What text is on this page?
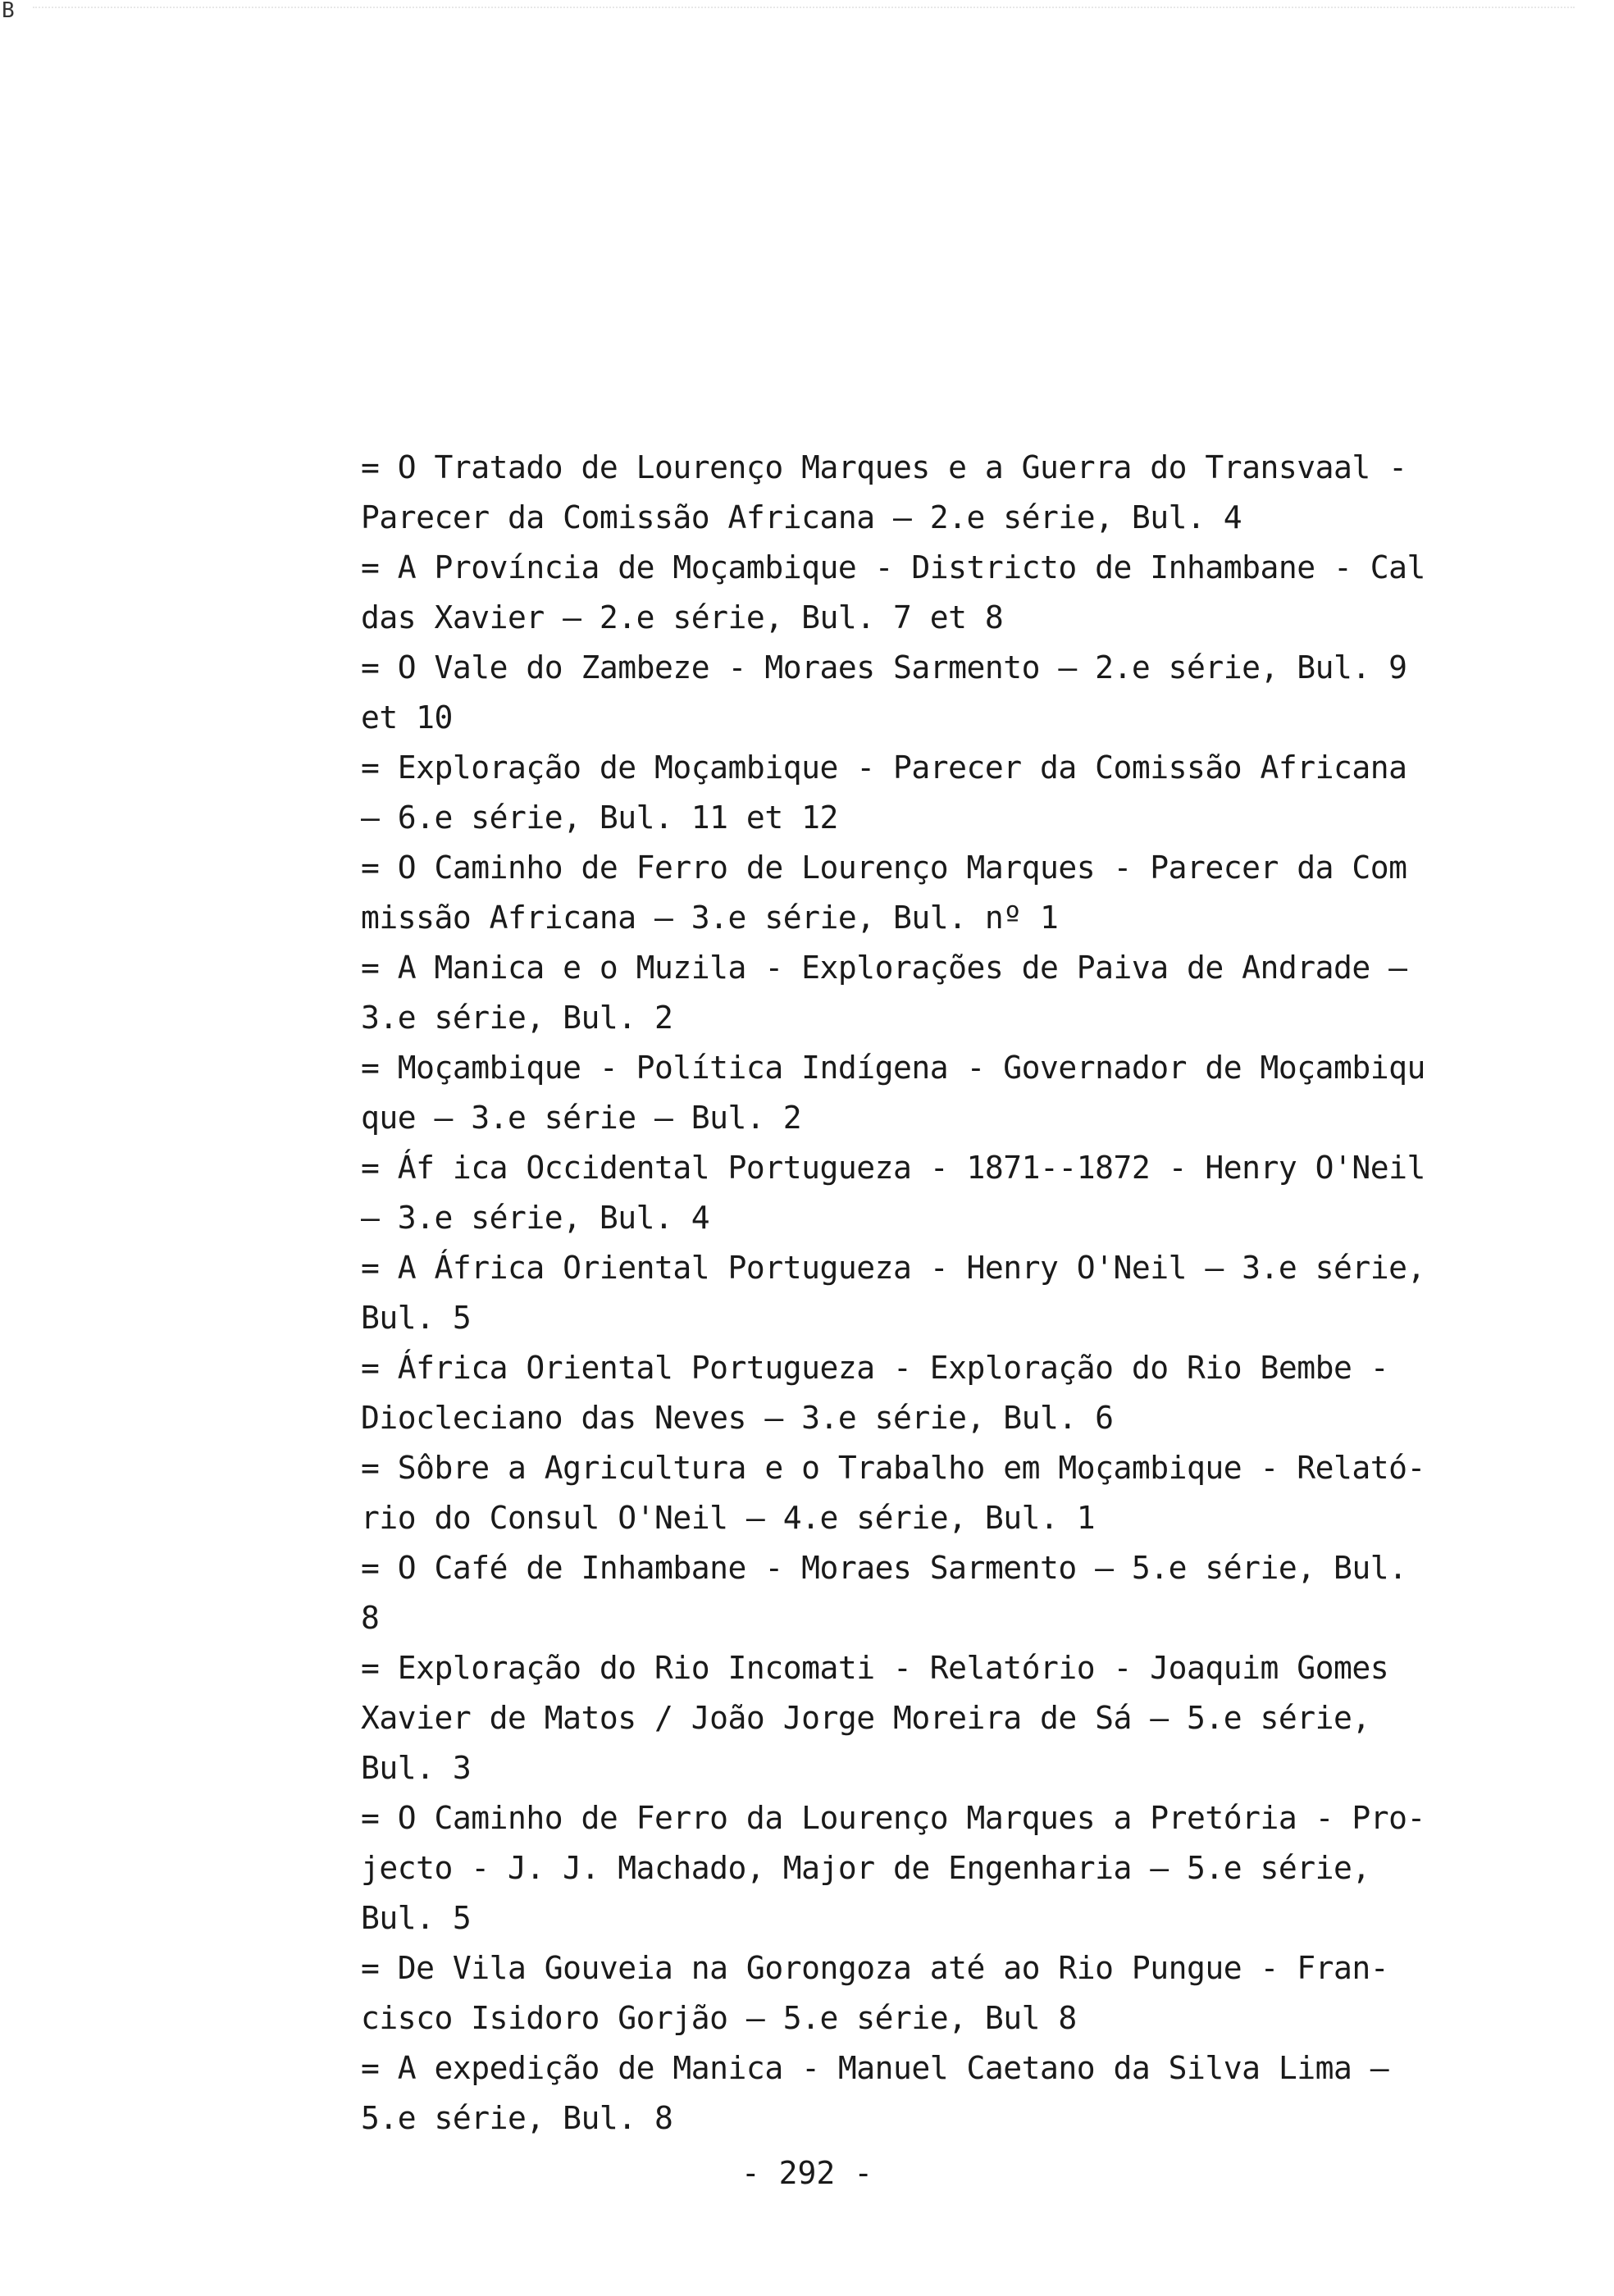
B
= O Tratado de Lourenço Marques e a Guerra do Transvaal -
Parecer da Comissão Africana — 2.e série, Bul. 4
= A Província de Moçambique - Districto de Inhambane - Cal
das Xavier — 2.e série, Bul. 7 et 8
= O Vale do Zambeze - Moraes Sarmento — 2.e série, Bul. 9
et 10
= Exploração de Moçambique - Parecer da Comissão Africana
— 6.e série, Bul. 11 et 12
= O Caminho de Ferro de Lourenço Marques - Parecer da Com
missão Africana — 3.e série, Bul. nº 1
= A Manica e o Muzila - Explorações de Paiva de Andrade —
3.e série, Bul. 2
= Moçambique - Política Indígena - Governador de Moçambiqu
que — 3.e série — Bul. 2
= Áf ica Occidental Portugueza - 1871--1872 - Henry O'Neil
— 3.e série, Bul. 4
= A África Oriental Portugueza - Henry O'Neil — 3.e série,
Bul. 5
= África Oriental Portugueza - Exploração do Rio Bembe -
Diocleciano das Neves — 3.e série, Bul. 6
= Sôbre a Agricultura e o Trabalho em Moçambique - Relató-
rio do Consul O'Neil — 4.e série, Bul. 1
= O Café de Inhambane - Moraes Sarmento — 5.e série, Bul.
8
= Exploração do Rio Incomati - Relatório - Joaquim Gomes
Xavier de Matos / João Jorge Moreira de Sá — 5.e série,
Bul. 3
= O Caminho de Ferro da Lourenço Marques a Pretória - Pro-
jecto - J. J. Machado, Major de Engenharia — 5.e série,
Bul. 5
= De Vila Gouveia na Gorongoza até ao Rio Pungue - Fran-
cisco Isidoro Gorjão — 5.e série, Bul 8
= A expedição de Manica - Manuel Caetano da Silva Lima —
5.e série, Bul. 8
- 292 -
